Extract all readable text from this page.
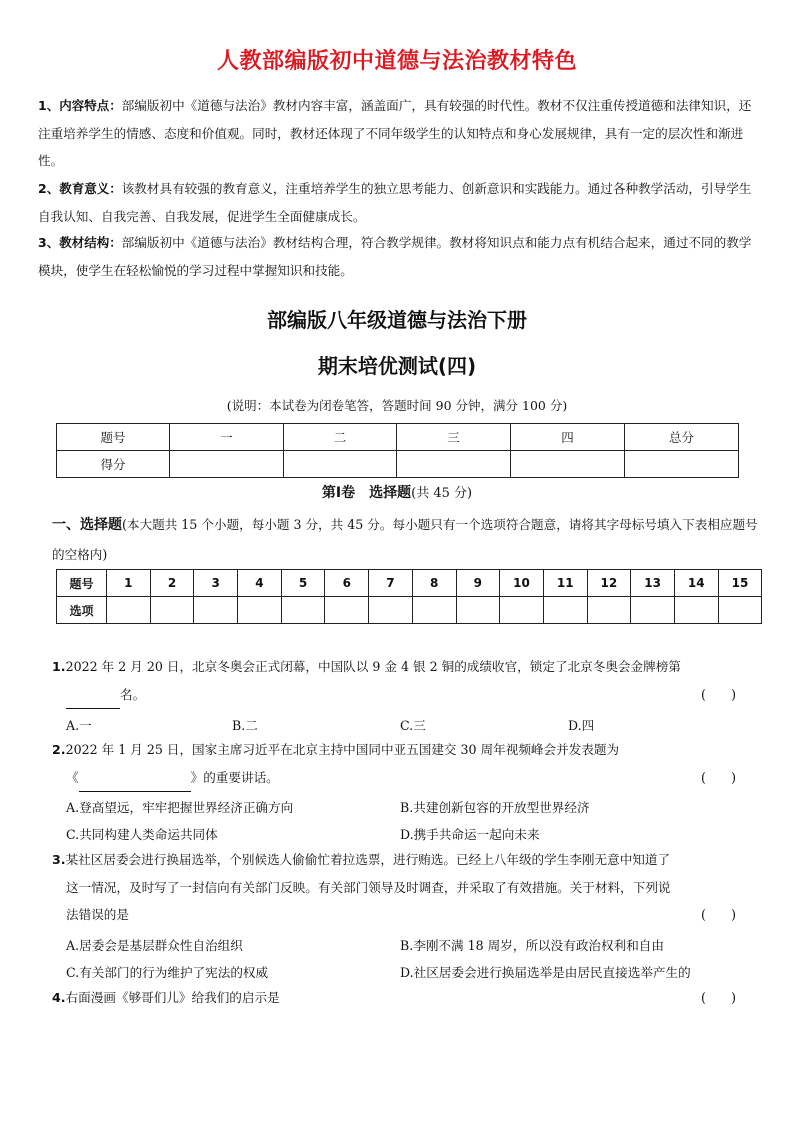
人教部编版初中道德与法治教材特色
1、内容特点：部编版初中《道德与法治》教材内容丰富，涵盖面广，具有较强的时代性。教材不仅注重传授道德和法律知识，还注重培养学生的情感、态度和价值观。同时，教材还体现了不同年级学生的认知特点和身心发展规律，具有一定的层次性和渐进性。
2、教育意义：该教材具有较强的教育意义，注重培养学生的独立思考能力、创新意识和实践能力。通过各种教学活动，引导学生自我认知、自我完善、自我发展，促进学生全面健康成长。
3、教材结构：部编版初中《道德与法治》教材结构合理，符合教学规律。教材将知识点和能力点有机结合起来，通过不同的教学模块，使学生在轻松愉悦的学习过程中掌握知识和技能。
部编版八年级道德与法治下册
期末培优测试(四)
(说明：本试卷为闭卷笔答，答题时间 90 分钟，满分 100 分)
题号	一	二	三	四	总分
得分					
第Ⅰ卷　选择题(共 45 分)
一、选择题(本大题共 15 个小题，每小题 3 分，共 45 分。每小题只有一个选项符合题意，请将其字母标号填入下表相应题号的空格内)
题号	1	2	3	4	5	6	7	8	9	10	11	12	13	14	15
选项															
1.2022 年 2 月 20 日，北京冬奥会正式闭幕，中国队以 9 金 4 银 2 铜的成绩收官，锁定了北京冬奥会金牌榜第
名。	(　　)
A.一	B.二	C.三	D.四
2.2022 年 1 月 25 日，国家主席习近平在北京主持中国同中亚五国建交 30 周年视频峰会并发表题为
《	》的重要讲话。	(　　)
A.登高望远，牢牢把握世界经济正确方向	B.共建创新包容的开放型世界经济
C.共同构建人类命运共同体	D.携手共命运一起向未来
3.某社区居委会进行换届选举，个别候选人偷偷忙着拉选票，进行贿选。已经上八年级的学生李刚无意中知道了
这一情况，及时写了一封信向有关部门反映。有关部门领导及时调查，并采取了有效措施。关于材料，下列说
法错误的是	(　　)
A.居委会是基层群众性自治组织	B.李刚不满 18 周岁，所以没有政治权利和自由
C.有关部门的行为维护了宪法的权威	D.社区居委会进行换届选举是由居民直接选举产生的
4.右面漫画《够哥们儿》给我们的启示是	(　　)
